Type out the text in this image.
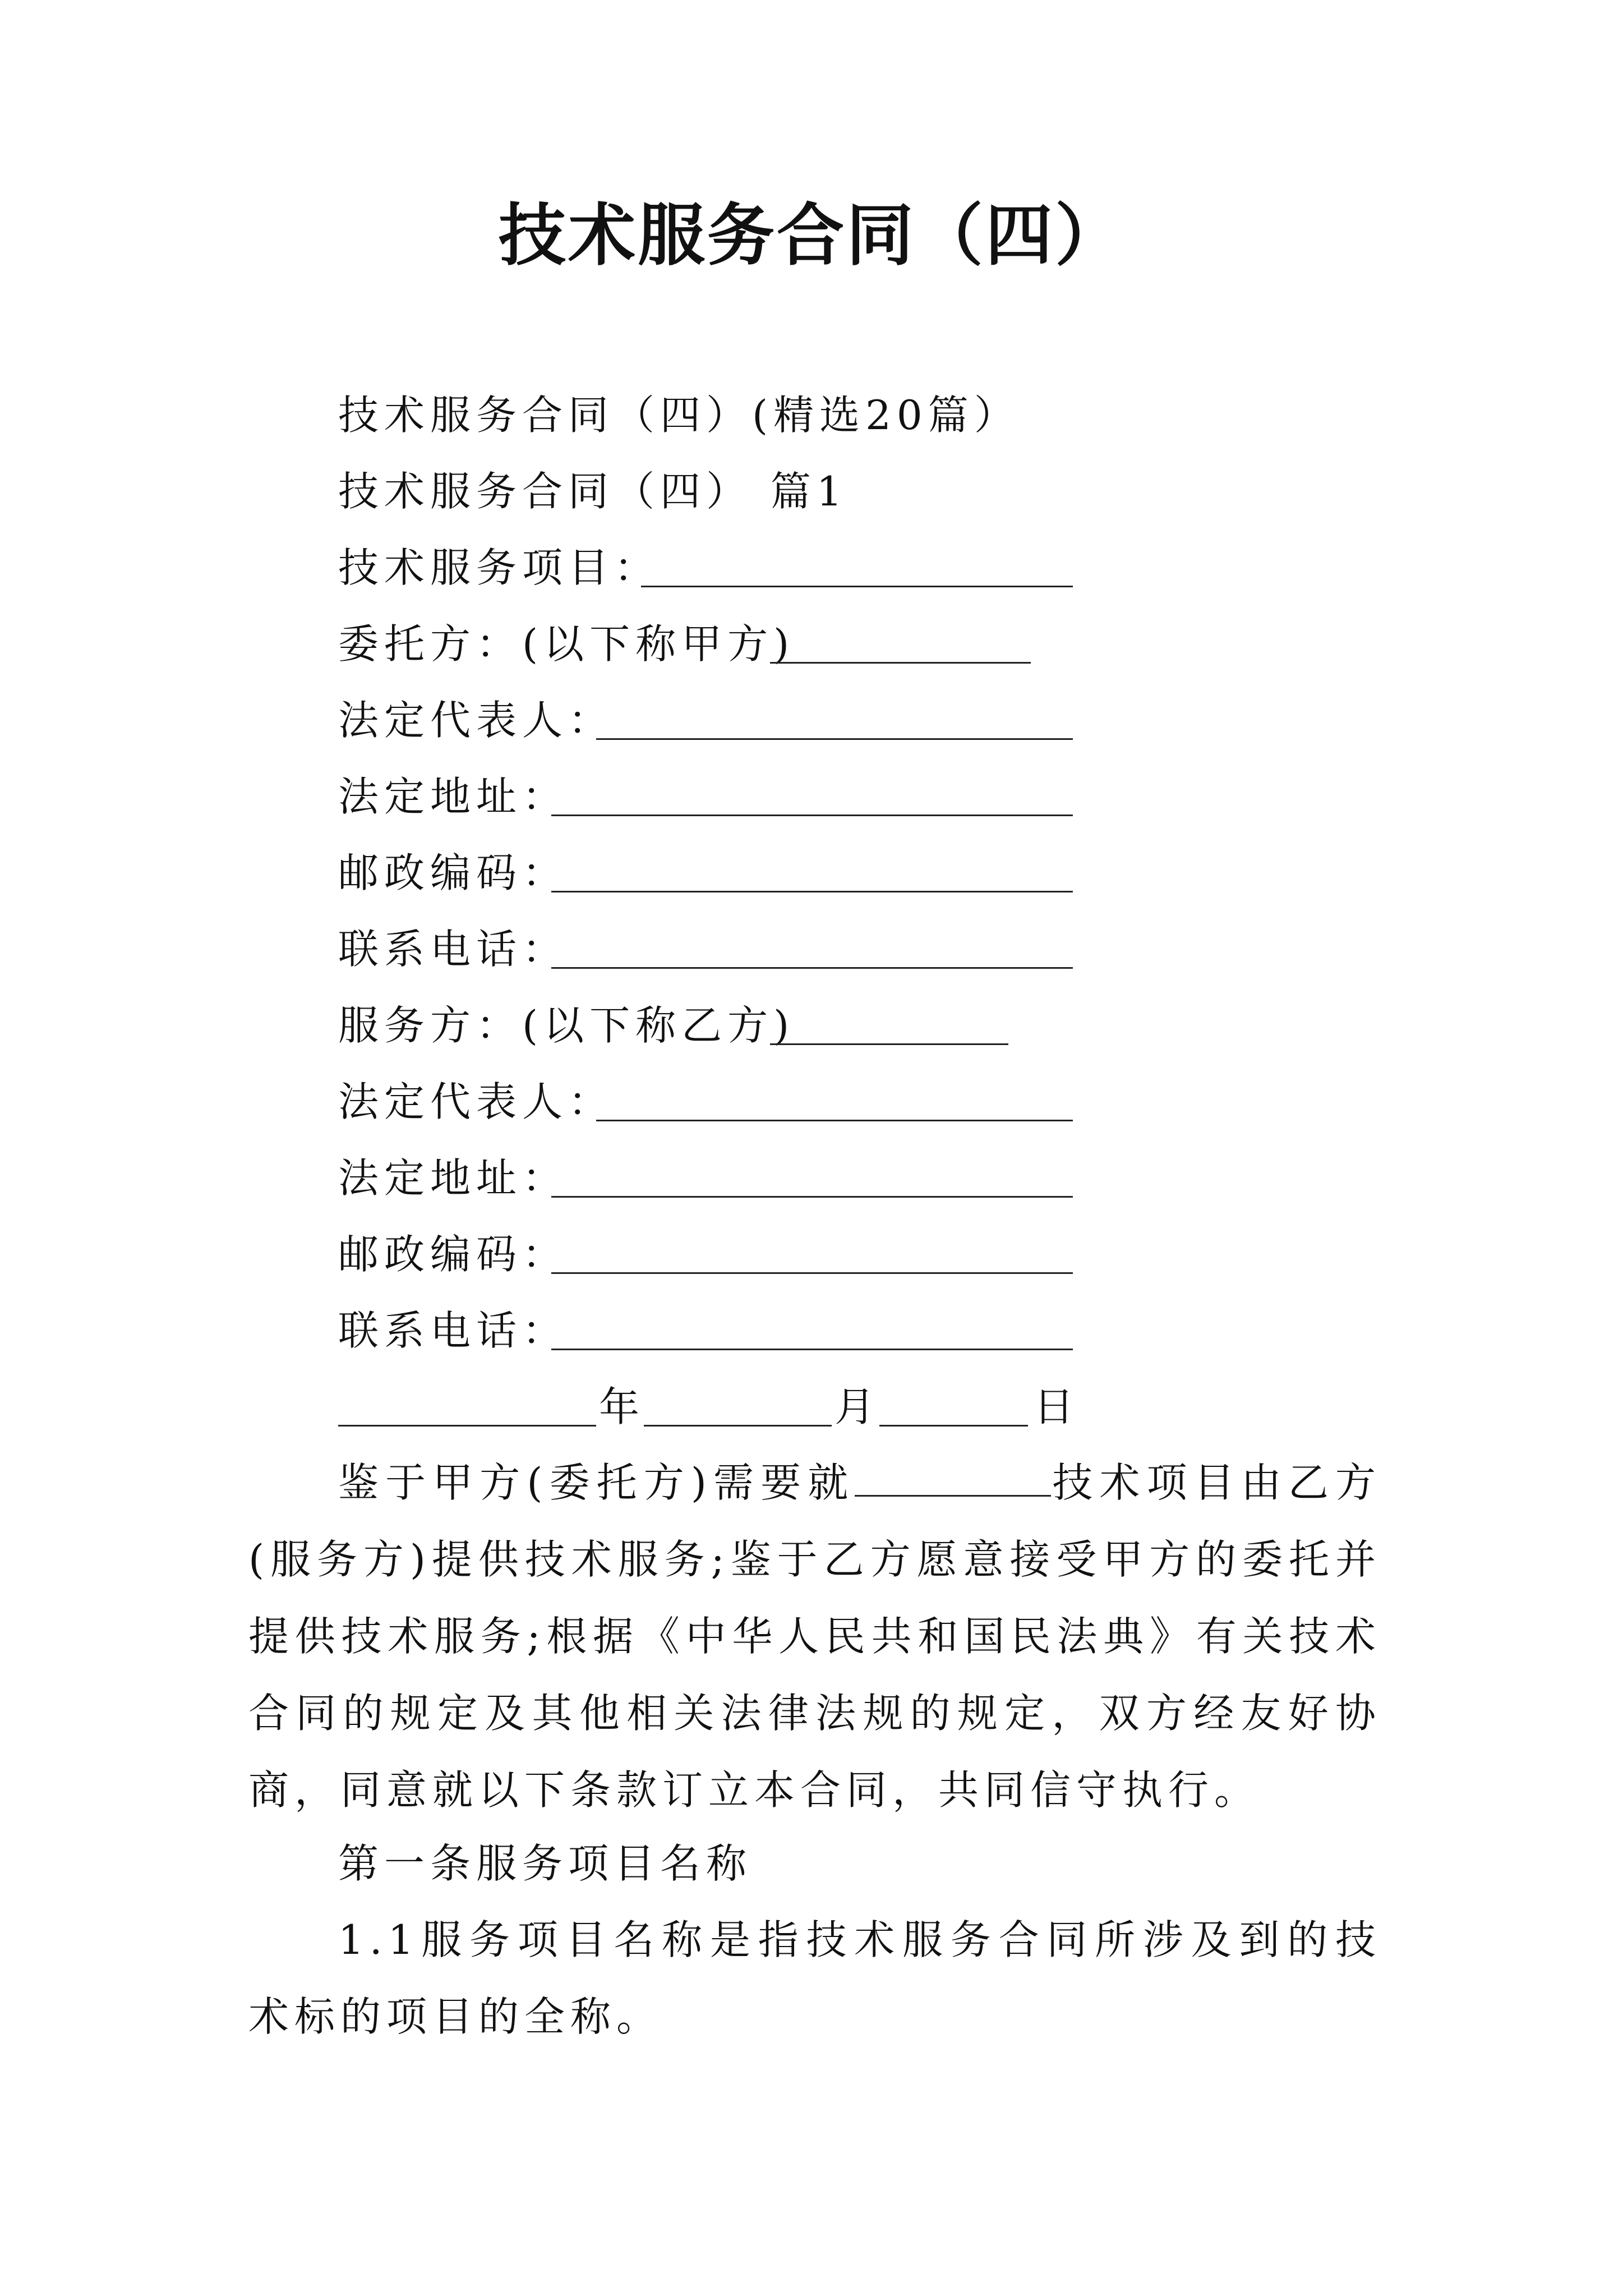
技术服务合同（四）
技术服务合同（四）(精选20篇）
技术服务合同（四） 篇1
技术服务项目：
委托方：(以下称甲方)
法定代表人：
法定地址：
邮政编码：
联系电话：
服务方：(以下称乙方)
法定代表人：
法定地址：
邮政编码：
联系电话：
年	月	日
鉴于甲方(委托方)需要就	技术项目由乙方(服务方)提供技术服务;鉴于乙方愿意接受甲方的委托并提供技术服务;根据《中华人民共和国民法典》有关技术合同的规定及其他相关法律法规的规定，双方经友好协商，同意就以下条款订立本合同，共同信守执行。
第一条服务项目名称
1.1服务项目名称是指技术服务合同所涉及到的技术标的项目的全称。
